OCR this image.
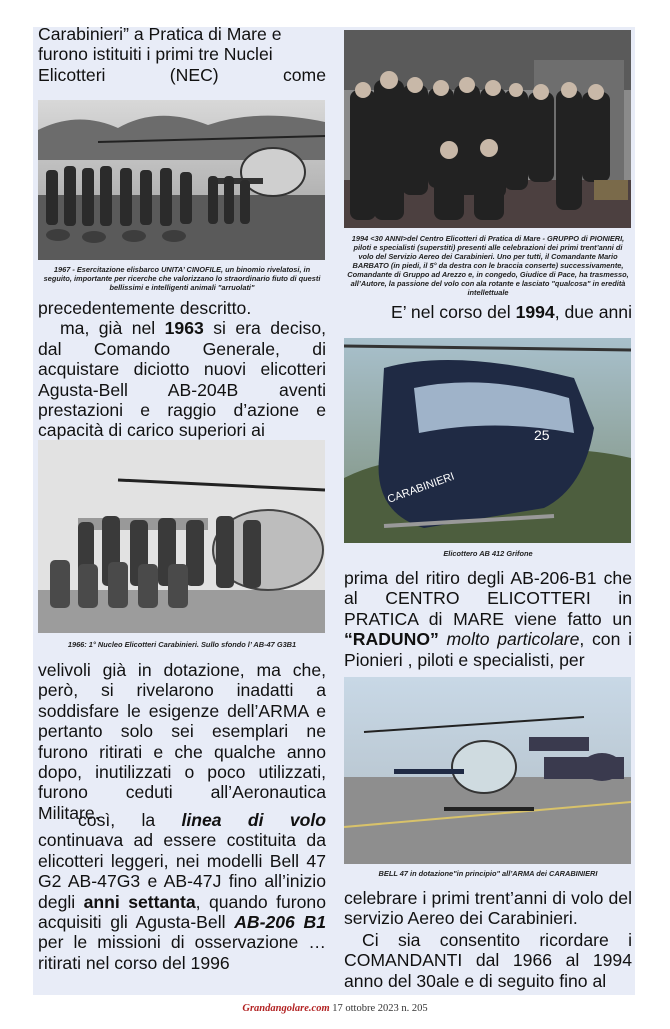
Carabinieri” a Pratica di Mare e
furono istituiti i primi tre Nuclei

Elicotteri	(NEC)	come

1967 - Esercitazione elisbarco UNITA’ CINOFILE, un binomio rivelatosi, in seguito, importante per ricerche che valorizzano lo straordinario fiuto di questi bellissimi e intelligenti animali "arruolati"

precedentemente descritto.
ma, già nel 1963 si era deciso, dal Comando Generale, di acquistare diciotto nuovi elicotteri Agusta-Bell AB-204B aventi prestazioni e raggio d’azione e capacità di carico superiori ai

1966: 1° Nucleo Elicotteri Carabinieri. Sullo sfondo l’ AB-47 G3B1

velivoli già in dotazione, ma che, però, si rivelarono inadatti a soddisfare le esigenze dell’ARMA e pertanto solo sei esemplari ne furono ritirati e che qualche anno dopo, inutilizzati o poco utilizzati, furono ceduti all’Aeronautica Militare.

così, la linea di volo continuava ad essere costituita da elicotteri leggeri, nei modelli Bell 47 G2 AB-47G3 e AB-47J fino all’inizio degli anni settanta, quando furono acquisiti gli Agusta-Bell AB-206 B1 per le missioni di osservazione …ritirati nel corso del 1996

1994 <30 ANNI>del Centro Elicotteri di Pratica di Mare - GRUPPO di PIONIERI, piloti e specialisti (superstiti) presenti alle celebrazioni dei primi trent’anni di volo del Servizio Aereo dei Carabinieri. Uno per tutti, il Comandante Mario BARBATO (in piedi, il 5° da destra con le braccia conserte) successivamente, Comandante di Gruppo ad Arezzo e, in congedo, Giudice di Pace, ha trasmesso, all’Autore, la passione del volo con ala rotante e lasciato "qualcosa" in eredità intellettuale

E’ nel corso del 1994, due anni

25
CARABINIERI

Elicottero AB 412 Grifone

prima del ritiro degli AB-206-B1 che al CENTRO ELICOTTERI in PRATICA di MARE viene fatto un “RADUNO” molto particolare, con i Pionieri , piloti e specialisti, per

BELL 47 in dotazione"in principio" all’ARMA dei CARABINIERI

celebrare i primi trent’anni di volo del servizio Aereo dei Carabinieri.

Ci sia consentito ricordare i COMANDANTI dal 1966 al 1994 anno del 30ale e di seguito fino al

Grandangolare.com 17 ottobre 2023 n. 205
